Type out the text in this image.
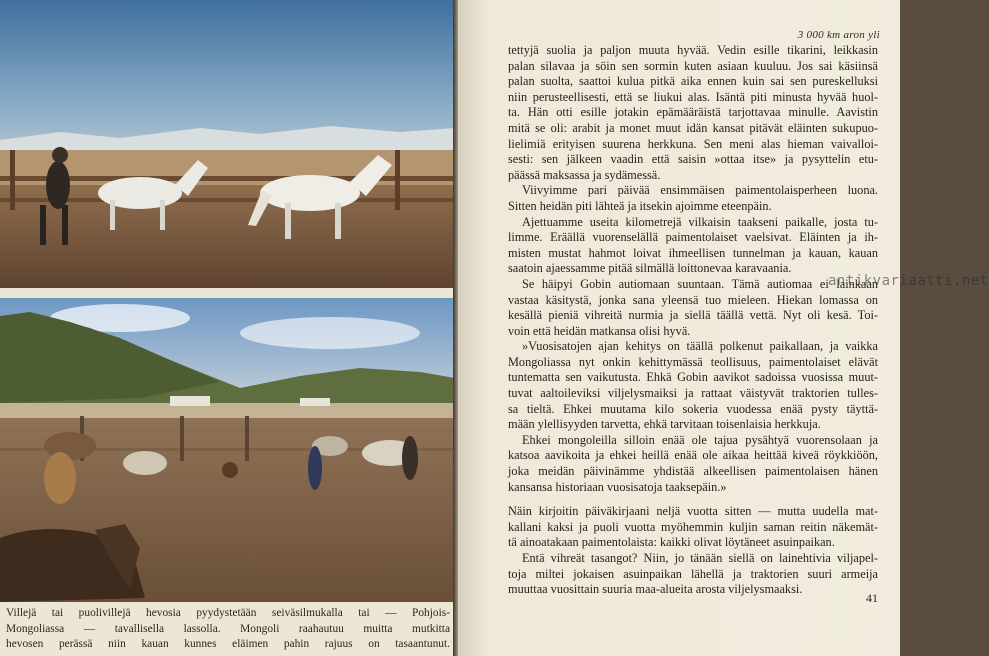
Villejä tai puolivillejä hevosia pyydystetään seiväsilmukalla tai — Pohjois-
Mongoliassa — tavallisella lassolla. Mongoli raahautuu muitta mutkitta
hevosen perässä niin kauan kunnes eläimen pahin rajuus on tasaantunut.

3 000 km aron yli

tettyjä suolia ja paljon muuta hyvää. Vedin esille tikarini, leikkasin
palan silavaa ja söin sen sormin kuten asiaan kuuluu. Jos sai käsiinsä
palan suolta, saattoi kulua pitkä aika ennen kuin sai sen pureskelluksi
niin perusteellisesti, että se liukui alas. Isäntä piti minusta hyvää huol-
ta. Hän otti esille jotakin epämääräistä tarjottavaa minulle. Aavistin
mitä se oli: arabit ja monet muut idän kansat pitävät eläinten sukupuo-
lielimiä erityisen suurena herkkuna. Sen meni alas hieman vaivalloi-
sesti: sen jälkeen vaadin että saisin »ottaa itse» ja pysyttelin etu-
päässä maksassa ja sydämessä.

Viivyimme pari päivää ensimmäisen paimentolaisperheen luona.
Sitten heidän piti lähteä ja itsekin ajoimme eteenpäin.

Ajettuamme useita kilometrejä vilkaisin taakseni paikalle, josta tu-
limme. Eräällä vuorenselällä paimentolaiset vaelsivat. Eläinten ja ih-
misten mustat hahmot loivat ihmeellisen tunnelman ja kauan, kauan
saatoin ajaessamme pitää silmällä loittonevaa karavaania.

Se häipyi Gobin autiomaan suuntaan. Tämä autiomaa ei lainkaan
vastaa käsitystä, jonka sana yleensä tuo mieleen. Hiekan lomassa on
kesällä pieniä vihreitä nurmia ja siellä täällä vettä. Nyt oli kesä. Toi-
voin että heidän matkansa olisi hyvä.

»Vuosisatojen ajan kehitys on täällä polkenut paikallaan, ja vaikka
Mongoliassa nyt onkin kehittymässä teollisuus, paimentolaiset elävät
tuntematta sen vaikutusta. Ehkä Gobin aavikot sadoissa vuosissa muut-
tuvat aaltoileviksi viljelysmaiksi ja rattaat väistyvät traktorien tulles-
sa tieltä. Ehkei muutama kilo sokeria vuodessa enää pysty täyttä-
mään ylellisyyden tarvetta, ehkä tarvitaan toisenlaisia herkkuja.

Ehkei mongoleilla silloin enää ole tajua pysähtyä vuorensolaan ja
katsoa aavikoita ja ehkei heillä enää ole aikaa heittää kiveä röykkiöön,
joka meidän päivinämme yhdistää alkeellisen paimentolaisen hänen
kansansa historiaan vuosisatoja taaksepäin.»

Näin kirjoitin päiväkirjaani neljä vuotta sitten — mutta uudella mat-
kallani kaksi ja puoli vuotta myöhemmin kuljin saman reitin näkemät-
tä ainoatakaan paimentolaista: kaikki olivat löytäneet asuinpaikan.

Entä vihreät tasangot? Niin, jo tänään siellä on lainehtivia viljapel-
toja miltei jokaisen asuinpaikan lähellä ja traktorien suuri armeija
muuttaa vuosittain suuria maa-alueita arosta viljelysmaaksi.

antikvariaatti.net

41
